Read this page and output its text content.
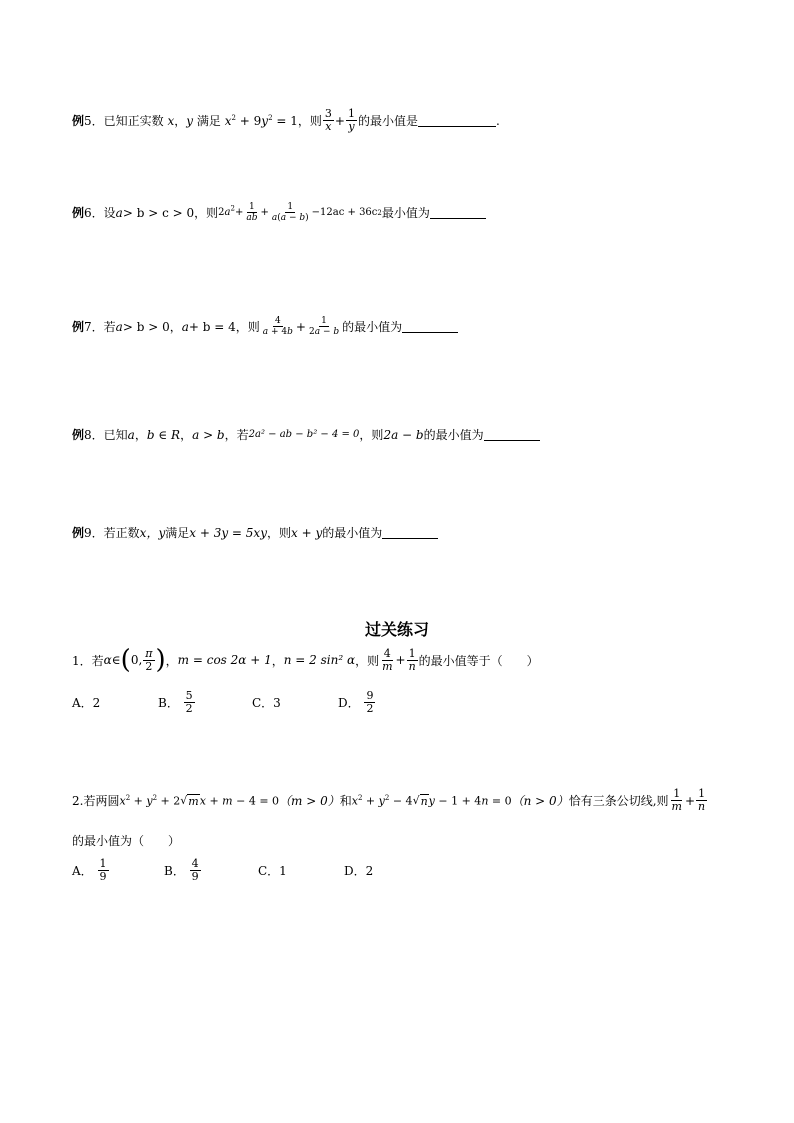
例 5． 已知正实数 x ， y 满足 $x^2 + 9y^2 = 1$ ，则 $\frac{3}{x} + \frac{1}{y}$ 的最小值是	.
例 6． 设 a > b > c > 0 ，则 $2a^2+ \frac{1}{ab} + \frac{1}{a(a - b)} -12ac + 36c$ 2 最小值为
例 7． 若 a > b > 0 ， a + b = 4 ，则 $\frac{4}{a + 4b} + \frac{1}{2a - b}$ 的最小值为
例 8． 已知 a ， b ∈ R ， a > b ，若 2a² − ab − b² − 4 = 0 ，则 2a − b 的最小值为
例 9． 若正数 x，y 满足 x + 3y = 5xy ，则 x + y 的最小值为
过关练习
1． 若 α∈ ( 0, $\frac{\pi}{2}$ ) ， m = cos 2α + 1 ， n = 2 sin² α ，则 $\frac{4}{m} + \frac{1}{n}$ 的最小值等于（　　）
A．2	B．
$\frac{5}{2}$	C．3	D．
$\frac{9}{2}$
2. 若两圆 $x^2 + y^2 + 2√$ m x + m − 4 = 0 （m > 0） 和 $x^2 + y^2 - 4√$ n y − 1 + 4n = 0 （n > 0） 恰有三条公切线,则 $\frac{1}{m} + \frac{1}{n}$
的最小值为（　　）
A．
$\frac{1}{9}$	B．
$\frac{4}{9}$	C．1	D．2
